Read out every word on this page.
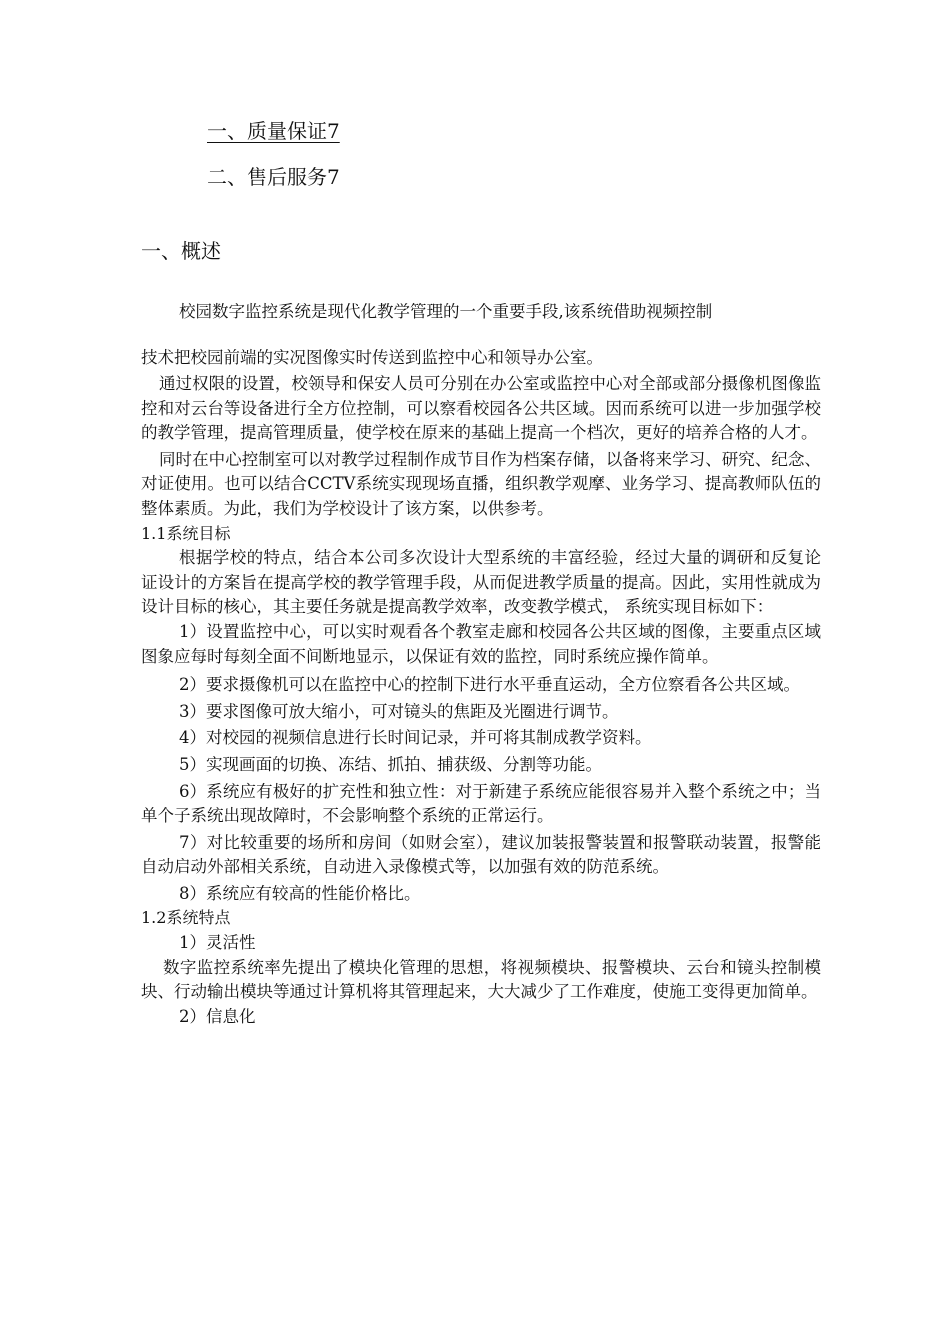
一、质量保证7
二、售后服务7
一、概述
校园数字监控系统是现代化教学管理的一个重要手段,该系统借助视频控制
技术把校园前端的实况图像实时传送到监控中心和领导办公室。

通过权限的设置，校领导和保安人员可分别在办公室或监控中心对全部或部分摄像机图像监控和对云台等设备进行全方位控制，可以察看校园各公共区域。因而系统可以进一步加强学校的教学管理，提高管理质量，使学校在原来的基础上提高一个档次，更好的培养合格的人才。

同时在中心控制室可以对教学过程制作成节目作为档案存储，以备将来学习、研究、纪念、对证使用。也可以结合CCTV系统实现现场直播，组织教学观摩、业务学习、提高教师队伍的整体素质。为此，我们为学校设计了该方案，以供参考。

1.1系统目标

根据学校的特点，结合本公司多次设计大型系统的丰富经验，经过大量的调研和反复论证设计的方案旨在提高学校的教学管理手段，从而促进教学质量的提高。因此，实用性就成为设计目标的核心，其主要任务就是提高教学效率，改变教学模式， 系统实现目标如下：

1）设置监控中心，可以实时观看各个教室走廊和校园各公共区域的图像，主要重点区域图象应每时每刻全面不间断地显示，以保证有效的监控，同时系统应操作简单。

2）要求摄像机可以在监控中心的控制下进行水平垂直运动，全方位察看各公共区域。

3）要求图像可放大缩小，可对镜头的焦距及光圈进行调节。

4）对校园的视频信息进行长时间记录，并可将其制成教学资料。

5）实现画面的切换、冻结、抓拍、捕获级、分割等功能。

6）系统应有极好的扩充性和独立性：对于新建子系统应能很容易并入整个系统之中；当单个子系统出现故障时，不会影响整个系统的正常运行。

7）对比较重要的场所和房间（如财会室），建议加装报警装置和报警联动装置，报警能自动启动外部相关系统，自动进入录像模式等，以加强有效的防范系统。

8）系统应有较高的性能价格比。

1.2系统特点

1）灵活性

数字监控系统率先提出了模块化管理的思想，将视频模块、报警模块、云台和镜头控制模块、行动输出模块等通过计算机将其管理起来，大大减少了工作难度，使施工变得更加简单。

2）信息化
